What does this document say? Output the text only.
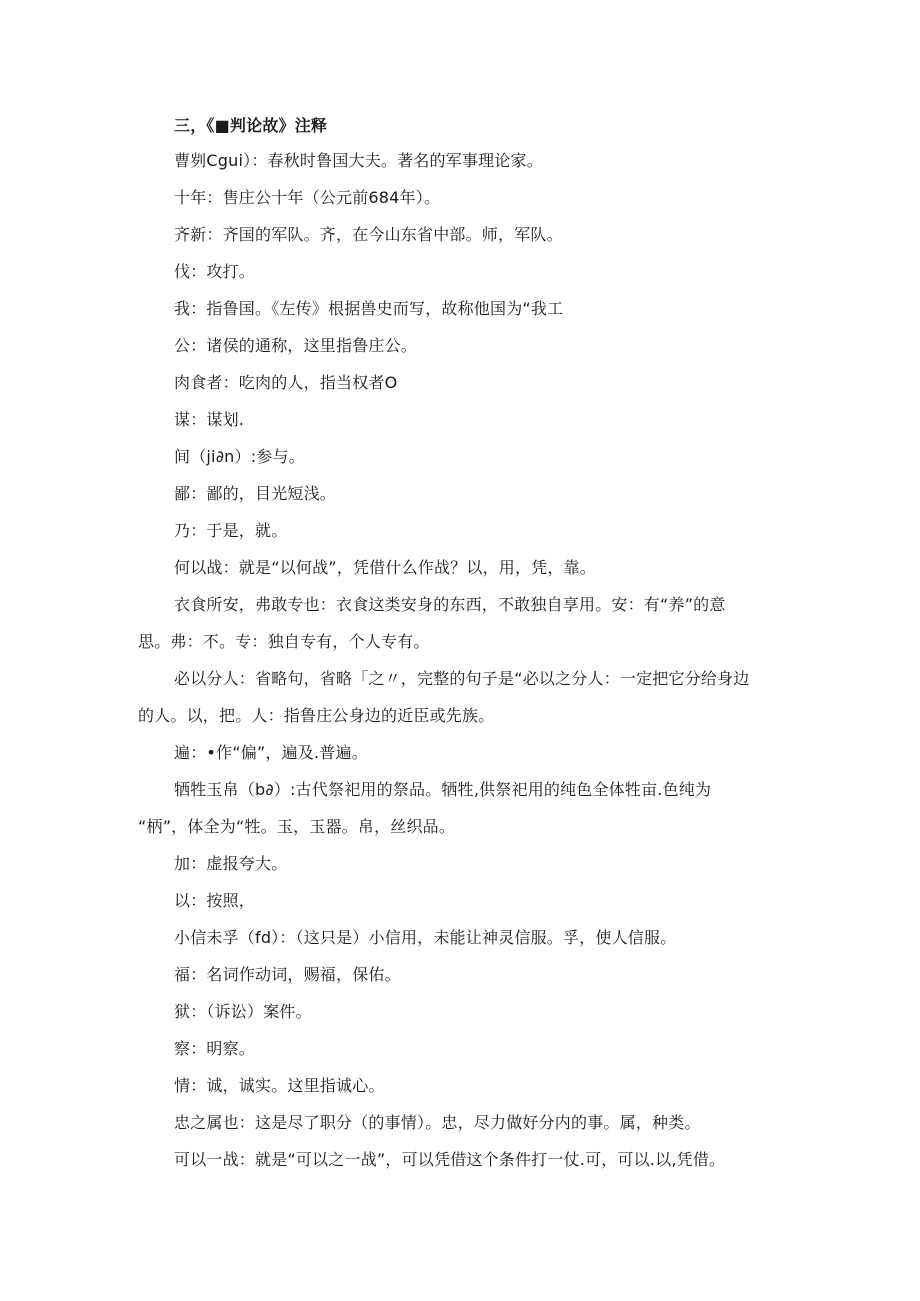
三，《■判论故》注释
曹刿Cgui）：春秋时鲁国大夫。著名的军事理论家。
十年：售庄公十年（公元前684年）。
齐新：齐国的军队。齐，在今山东省中部。师，军队。
伐：攻打。
我：指鲁国。《左传》根据兽史而写，故称他国为“我工
公：诸侯的通称，这里指鲁庄公。
肉食者：吃肉的人，指当权者O
谋：谋划.
间（ji∂n）:参与。
鄙：鄙的，目光短浅。
乃：于是，就。
何以战：就是“以何战”，凭借什么作战？以，用，凭，靠。
衣食所安，弗敢专也：衣食这类安身的东西，不敢独自享用。安：有“养”的意
思。弗：不。专：独自专有，个人专有。
必以分人：省略句，省略「之〃，完整的句子是“必以之分人：一定把它分给身边
的人。以，把。人：指鲁庄公身边的近臣或先族。
遍：•作“偏”，遍及.普遍。
牺牲玉帛（b∂）:古代祭祀用的祭品。牺牲,供祭祀用的纯色全体牲亩.色纯为
“柄”，体全为“牲。玉，玉器。帛，丝织品。
加：虚报夸大。
以：按照，
小信未孚（fd）：（这只是）小信用，未能让神灵信服。孚，使人信服。
福：名词作动词，赐福，保佑。
狱：（诉讼）案件。
察：明察。
情：诚，诚实。这里指诚心。
忠之属也：这是尽了职分（的事情）。忠，尽力做好分内的事。属，种类。
可以一战：就是“可以之一战”，可以凭借这个条件打一仗.可，可以.以,凭借。
